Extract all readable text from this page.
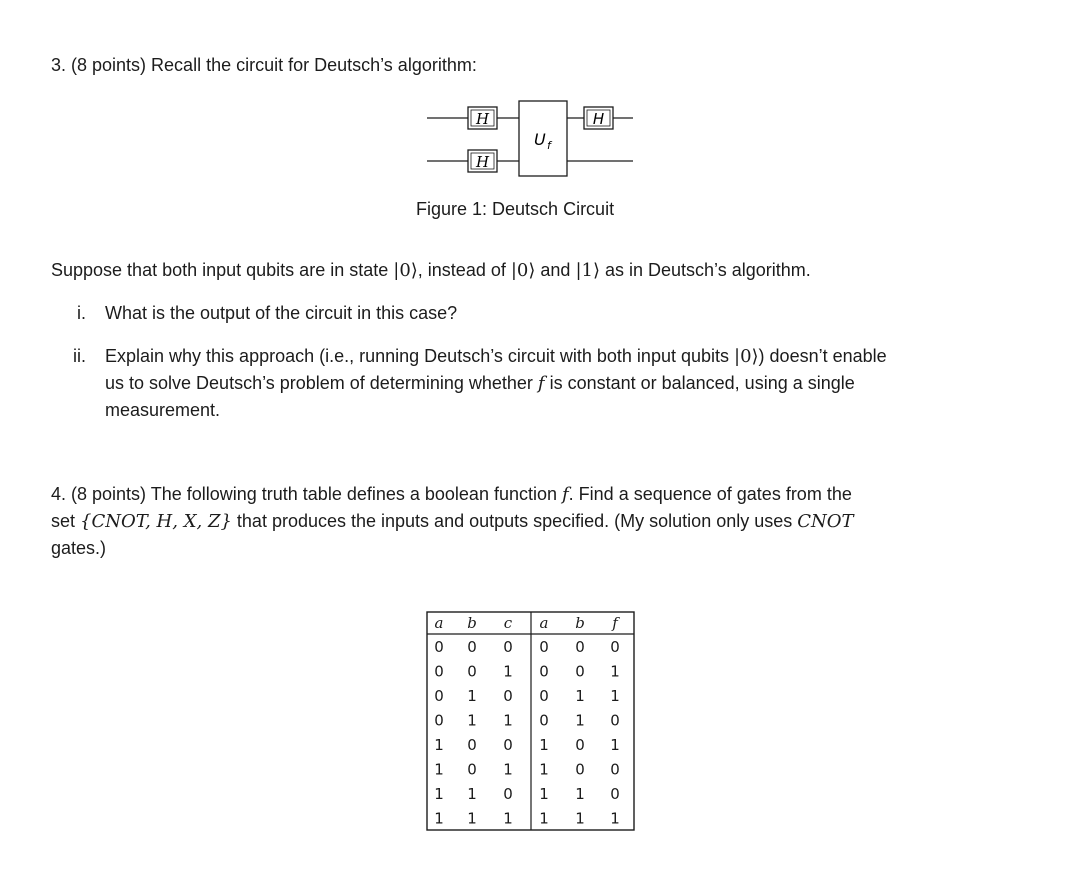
3. (8 points) Recall the circuit for Deutsch’s algorithm:
H
H
U f
H
Figure 1: Deutsch Circuit
Suppose that both input qubits are in state |0⟩, instead of |0⟩ and |1⟩ as in Deutsch’s algorithm.
i. What is the output of the circuit in this case?
ii. Explain why this approach (i.e., running Deutsch’s circuit with both input qubits |0⟩) doesn’t enable
us to solve Deutsch’s problem of determining whether f is constant or balanced, using a single
measurement.
4. (8 points) The following truth table defines a boolean function f. Find a sequence of gates from the
set {CNOT, H, X, Z} that produces the inputs and outputs specified. (My solution only uses CNOT
gates.)
a b c a b f
0 0 0 0 0 0
0 0 1 0 0 1
0 1 0 0 1 1
0 1 1 0 1 0
1 0 0 1 0 1
1 0 1 1 0 0
1 1 0 1 1 0
1 1 1 1 1 1
